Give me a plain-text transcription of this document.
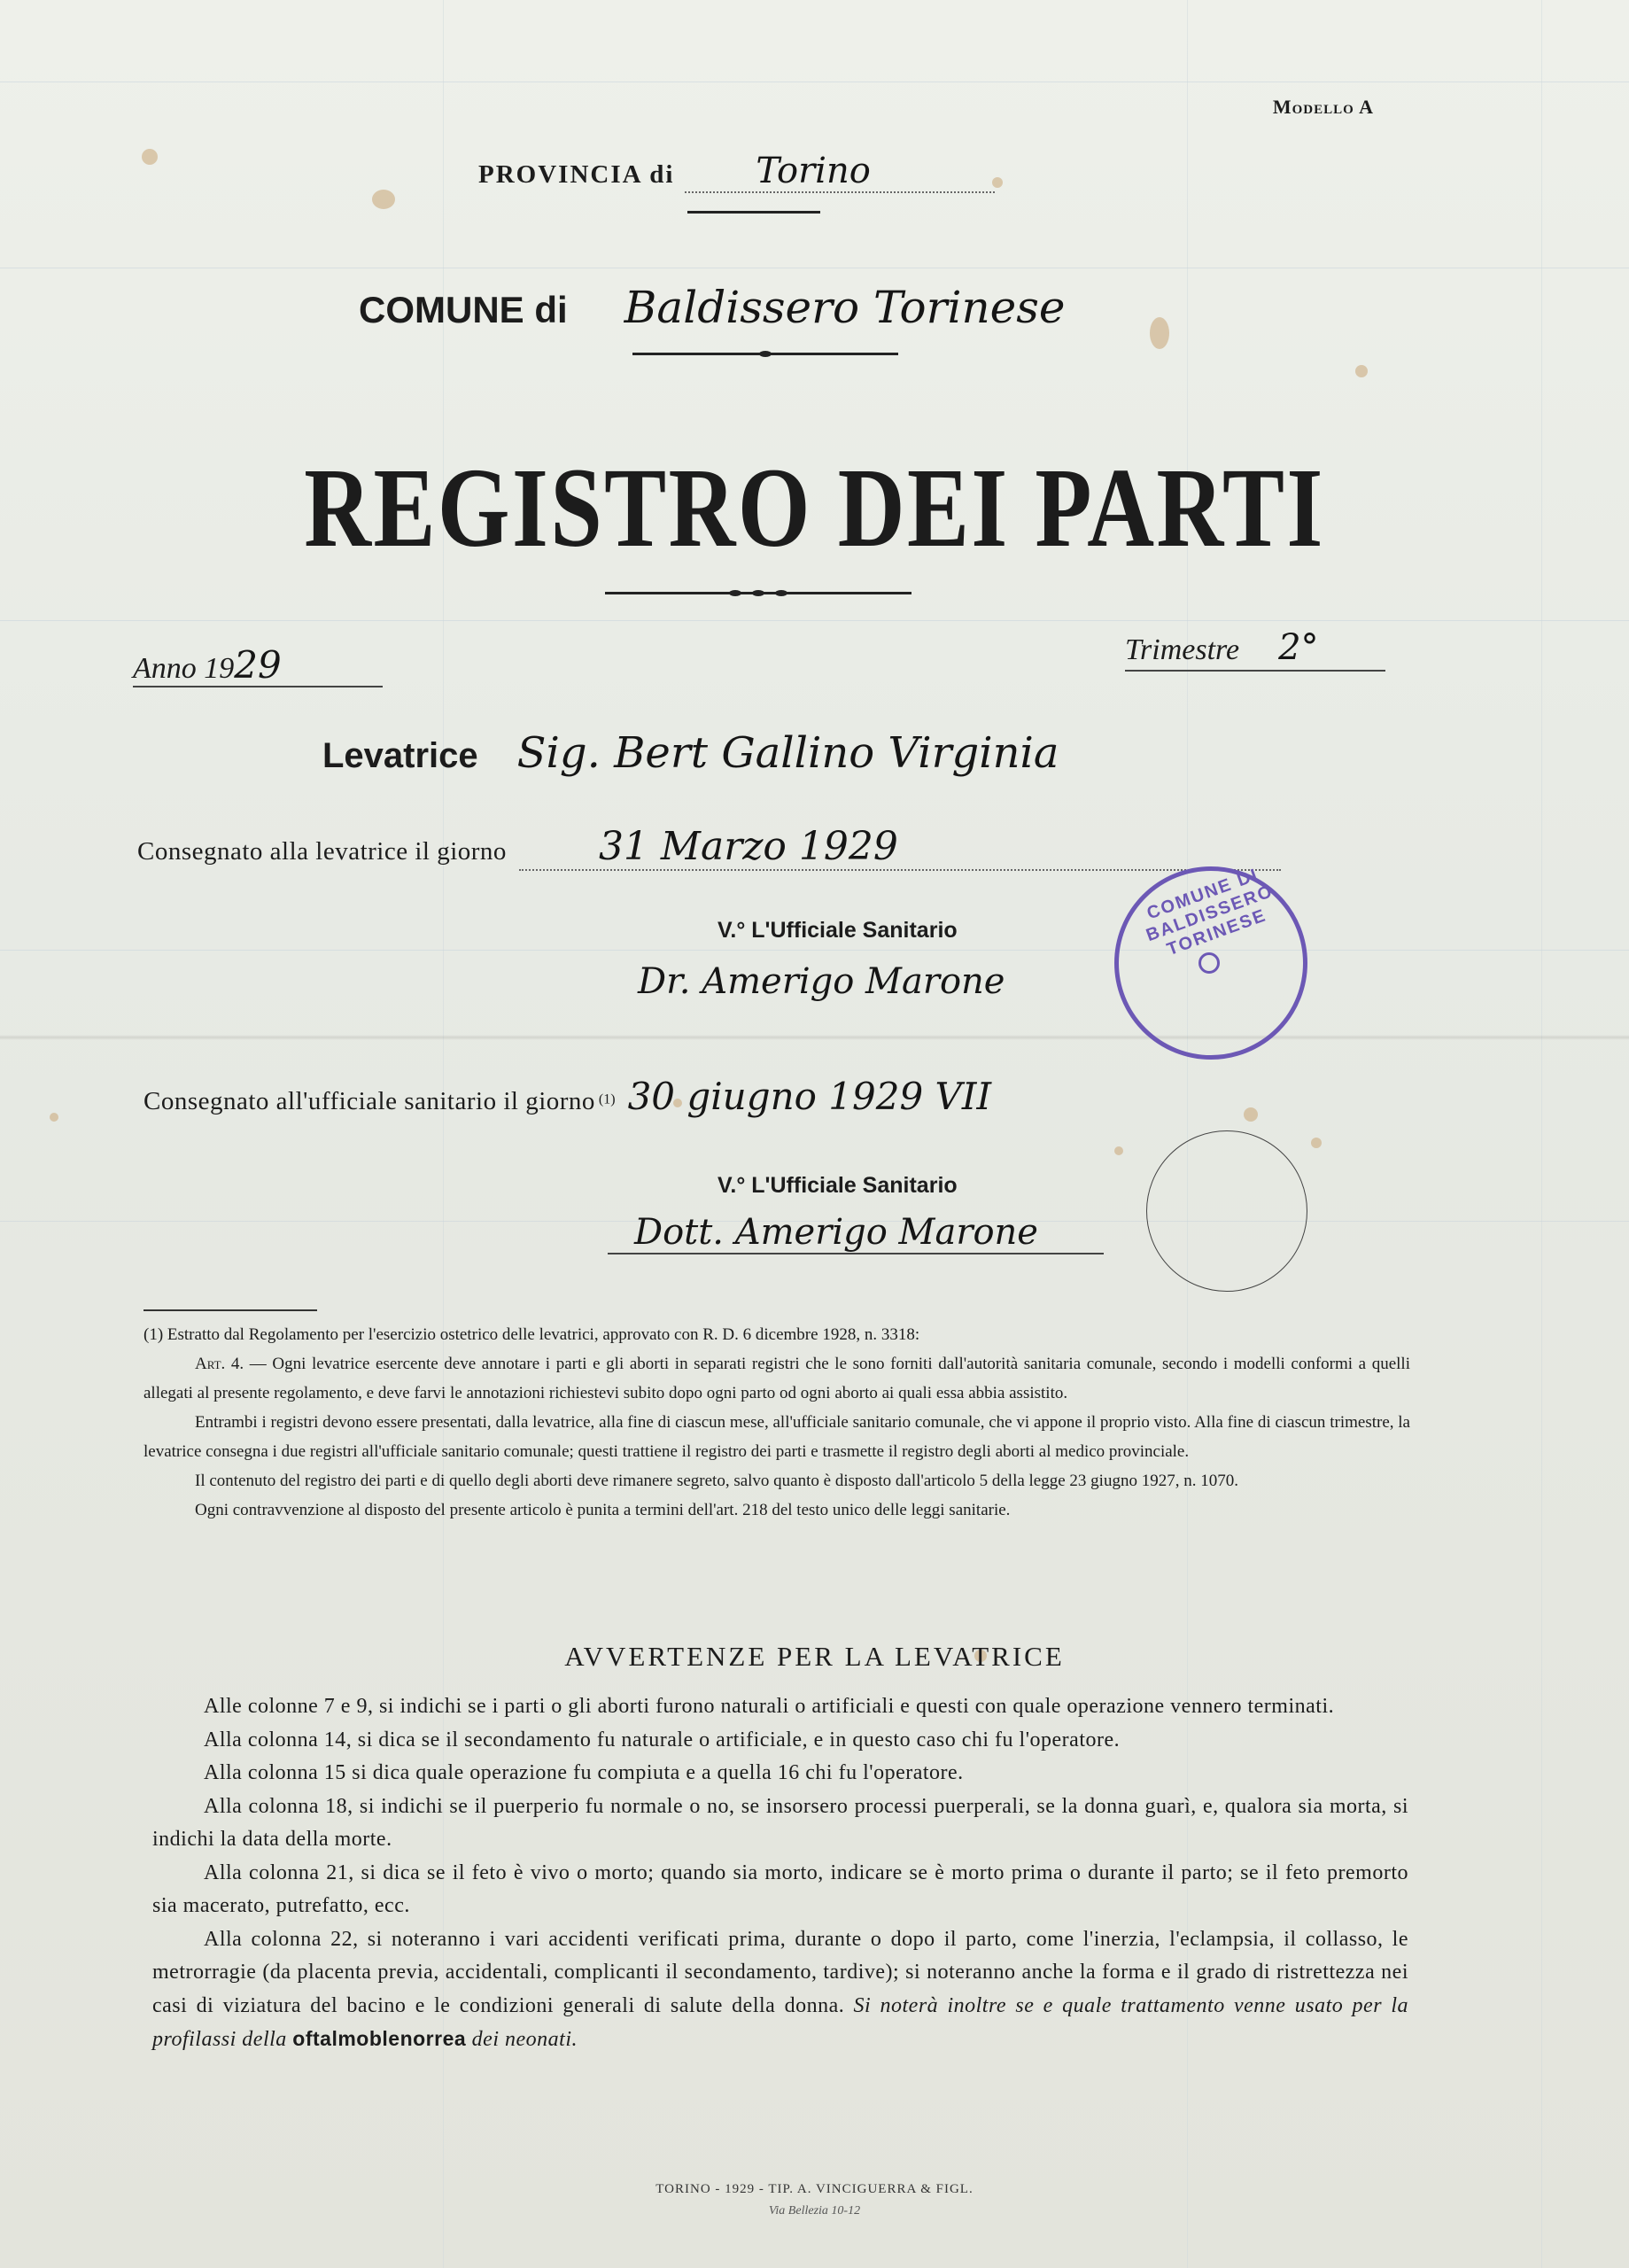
Modello A
PROVINCIA di Torino
COMUNE di Baldissero Torinese
REGISTRO DEI PARTI
Anno 1929	Trimestre 2°
Levatrice Sig. Bert Gallino Virginia
Consegnato alla levatrice il giorno 31 Marzo 1929
V.° L'Ufficiale Sanitario
Dr. Amerigo Marone
COMUNE DI BALDISSERO TORINESE
Consegnato all'ufficiale sanitario il giorno (1) 30 giugno 1929 VII
V.° L'Ufficiale Sanitario
Dott. Amerigo Marone

(1) Estratto dal Regolamento per l'esercizio ostetrico delle levatrici, approvato con R. D. 6 dicembre 1928, n. 3318:

Art. 4. — Ogni levatrice esercente deve annotare i parti e gli aborti in separati registri che le sono forniti dall'autorità sanitaria comunale, secondo i modelli conformi a quelli allegati al presente regolamento, e deve farvi le annotazioni richiestevi subito dopo ogni parto od ogni aborto ai quali essa abbia assistito.

Entrambi i registri devono essere presentati, dalla levatrice, alla fine di ciascun mese, all'ufficiale sanitario comunale, che vi appone il proprio visto. Alla fine di ciascun trimestre, la levatrice consegna i due registri all'ufficiale sanitario comunale; questi trattiene il registro dei parti e trasmette il registro degli aborti al medico provinciale.

Il contenuto del registro dei parti e di quello degli aborti deve rimanere segreto, salvo quanto è disposto dall'articolo 5 della legge 23 giugno 1927, n. 1070.

Ogni contravvenzione al disposto del presente articolo è punita a termini dell'art. 218 del testo unico delle leggi sanitarie.

AVVERTENZE PER LA LEVATRICE

Alle colonne 7 e 9, si indichi se i parti o gli aborti furono naturali o artificiali e questi con quale operazione vennero terminati.

Alla colonna 14, si dica se il secondamento fu naturale o artificiale, e in questo caso chi fu l'operatore.

Alla colonna 15 si dica quale operazione fu compiuta e a quella 16 chi fu l'operatore.

Alla colonna 18, si indichi se il puerperio fu normale o no, se insorsero processi puerperali, se la donna guarì, e, qualora sia morta, si indichi la data della morte.

Alla colonna 21, si dica se il feto è vivo o morto; quando sia morto, indicare se è morto prima o durante il parto; se il feto premorto sia macerato, putrefatto, ecc.

Alla colonna 22, si noteranno i vari accidenti verificati prima, durante o dopo il parto, come l'inerzia, l'eclampsia, il collasso, le metrorragie (da placenta previa, accidentali, complicanti il secondamento, tardive); si noteranno anche la forma e il grado di ristrettezza nei casi di viziatura del bacino e le condizioni generali di salute della donna. Si noterà inoltre se e quale trattamento venne usato per la profilassi della oftalmoblenorrea dei neonati.

TORINO - 1929 - TIP. A. VINCIGUERRA & FIGL.
Via Bellezia 10-12
